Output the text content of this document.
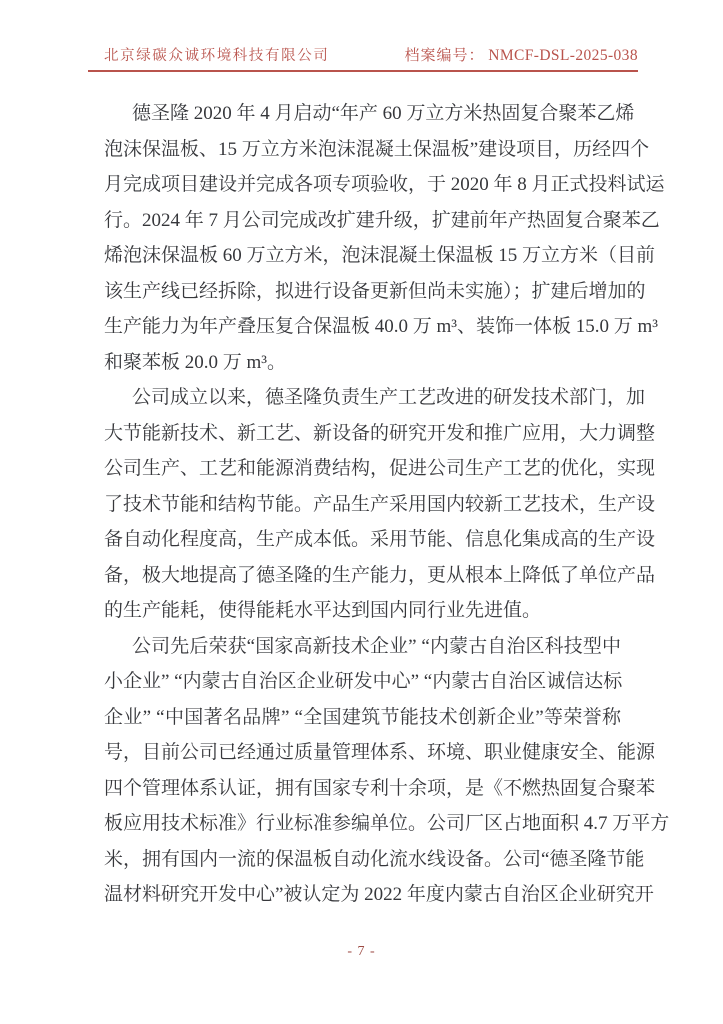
北京绿碳众诚环境科技有限公司	档案编号： NMCF-DSL-2025-038
德圣隆 2020 年 4 月启动“年产 60 万立方米热固复合聚苯乙烯
泡沫保温板、15 万立方米泡沫混凝土保温板”建设项目，历经四个
月完成项目建设并完成各项专项验收，于 2020 年 8 月正式投料试运
行。2024 年 7 月公司完成改扩建升级，扩建前年产热固复合聚苯乙
烯泡沫保温板 60 万立方米，泡沫混凝土保温板 15 万立方米（目前
该生产线已经拆除，拟进行设备更新但尚未实施）；扩建后增加的
生产能力为年产叠压复合保温板 40.0 万 m³、装饰一体板 15.0 万 m³
和聚苯板 20.0 万 m³。
公司成立以来，德圣隆负责生产工艺改进的研发技术部门，加
大节能新技术、新工艺、新设备的研究开发和推广应用，大力调整
公司生产、工艺和能源消费结构，促进公司生产工艺的优化，实现
了技术节能和结构节能。产品生产采用国内较新工艺技术，生产设
备自动化程度高，生产成本低。采用节能、信息化集成高的生产设
备，极大地提高了德圣隆的生产能力，更从根本上降低了单位产品
的生产能耗，使得能耗水平达到国内同行业先进值。
公司先后荣获“国家高新技术企业” “内蒙古自治区科技型中
小企业” “内蒙古自治区企业研发中心” “内蒙古自治区诚信达标
企业” “中国著名品牌” “全国建筑节能技术创新企业”等荣誉称
号，目前公司已经通过质量管理体系、环境、职业健康安全、能源
四个管理体系认证，拥有国家专利十余项，是《不燃热固复合聚苯
板应用技术标准》行业标准参编单位。公司厂区占地面积 4.7 万平方
米，拥有国内一流的保温板自动化流水线设备。公司“德圣隆节能
温材料研究开发中心”被认定为 2022 年度内蒙古自治区企业研究开
- 7 -
